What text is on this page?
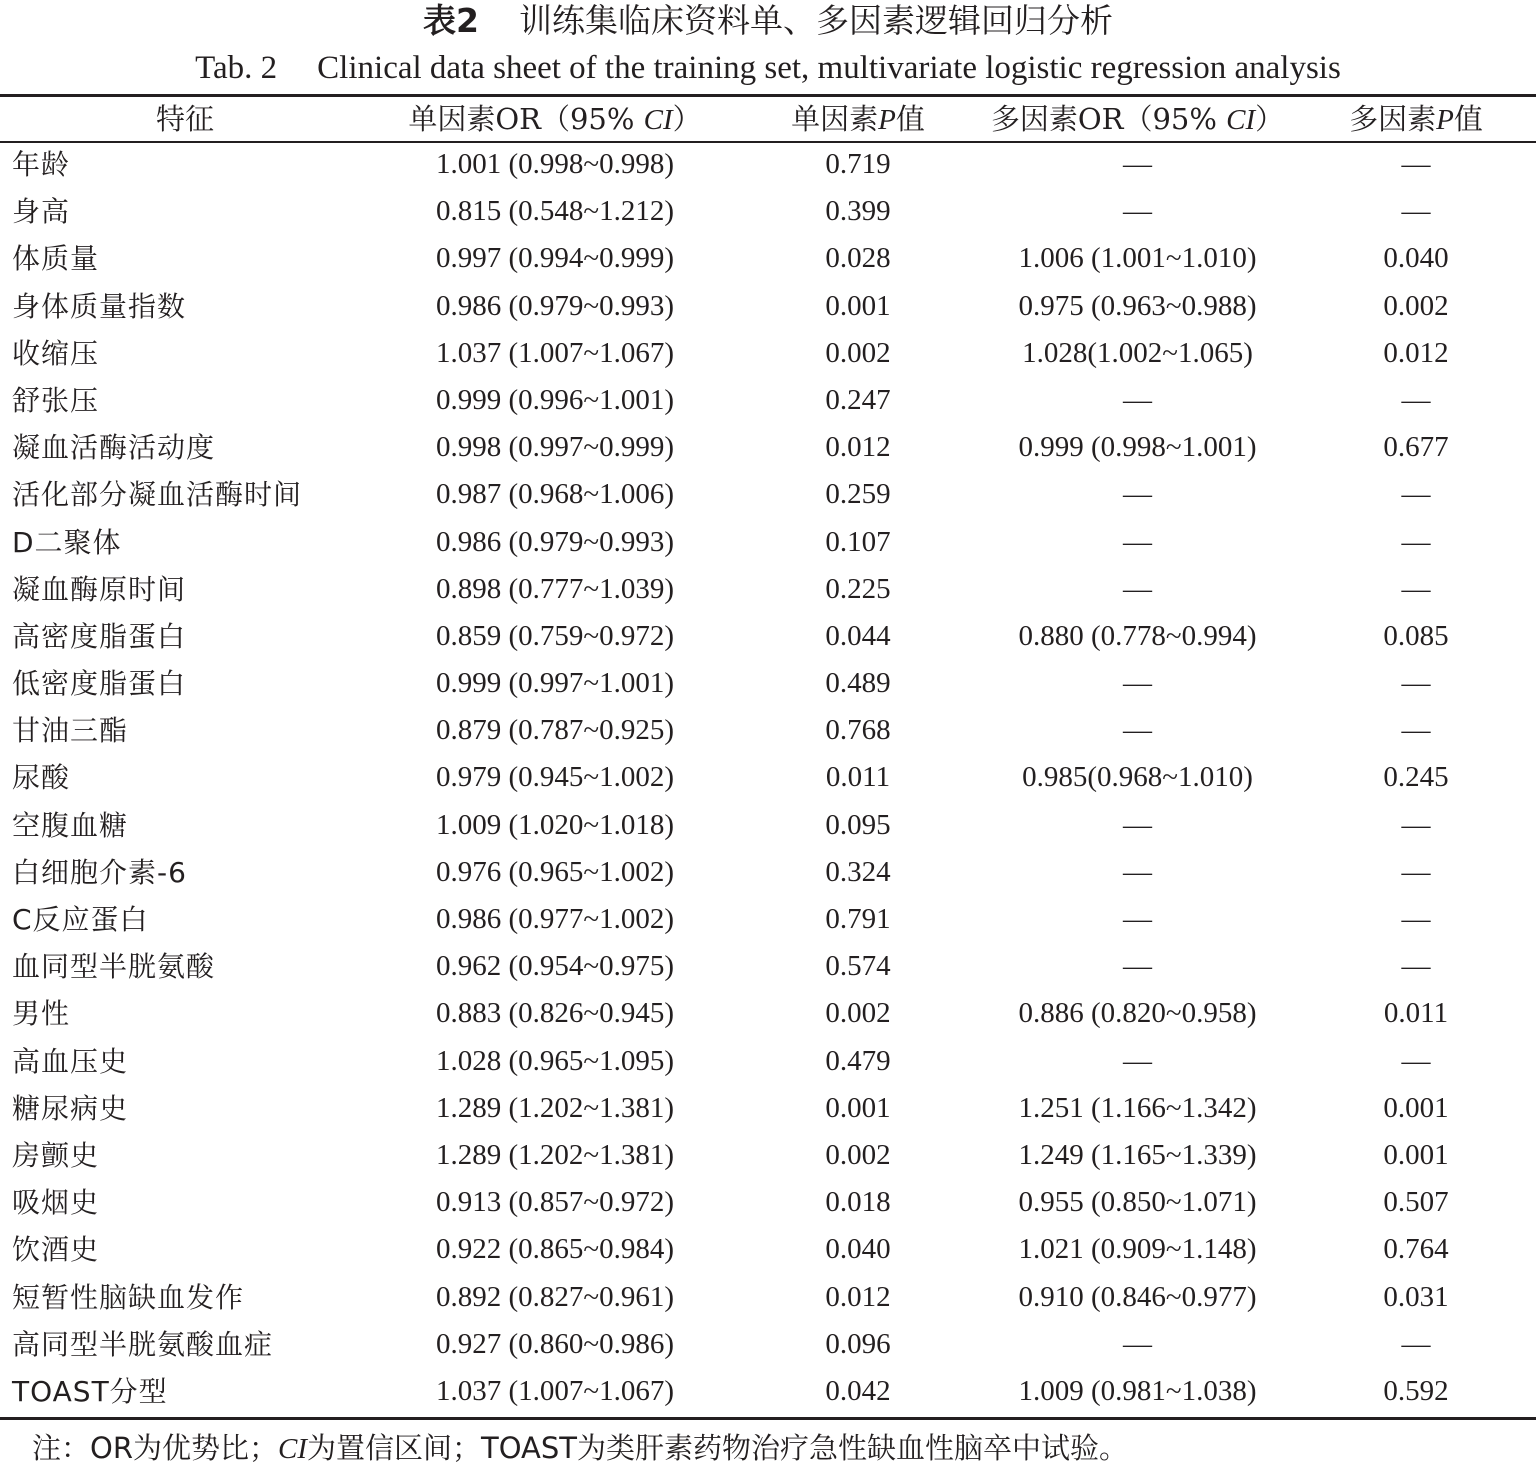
表2 训练集临床资料单、多因素逻辑回归分析
Tab. 2 Clinical data sheet of the training set, multivariate logistic regression analysis
特征	单因素OR（95% CI）	单因素P值	多因素OR（95% CI）	多因素P值
年龄	1.001 (0.998~0.998)	0.719	—	—
身高	0.815 (0.548~1.212)	0.399	—	—
体质量	0.997 (0.994~0.999)	0.028	1.006 (1.001~1.010)	0.040
身体质量指数	0.986 (0.979~0.993)	0.001	0.975 (0.963~0.988)	0.002
收缩压	1.037 (1.007~1.067)	0.002	1.028(1.002~1.065)	0.012
舒张压	0.999 (0.996~1.001)	0.247	—	—
凝血活酶活动度	0.998 (0.997~0.999)	0.012	0.999 (0.998~1.001)	0.677
活化部分凝血活酶时间	0.987 (0.968~1.006)	0.259	—	—
D二聚体	0.986 (0.979~0.993)	0.107	—	—
凝血酶原时间	0.898 (0.777~1.039)	0.225	—	—
高密度脂蛋白	0.859 (0.759~0.972)	0.044	0.880 (0.778~0.994)	0.085
低密度脂蛋白	0.999 (0.997~1.001)	0.489	—	—
甘油三酯	0.879 (0.787~0.925)	0.768	—	—
尿酸	0.979 (0.945~1.002)	0.011	0.985(0.968~1.010)	0.245
空腹血糖	1.009 (1.020~1.018)	0.095	—	—
白细胞介素-6	0.976 (0.965~1.002)	0.324	—	—
C反应蛋白	0.986 (0.977~1.002)	0.791	—	—
血同型半胱氨酸	0.962 (0.954~0.975)	0.574	—	—
男性	0.883 (0.826~0.945)	0.002	0.886 (0.820~0.958)	0.011
高血压史	1.028 (0.965~1.095)	0.479	—	—
糖尿病史	1.289 (1.202~1.381)	0.001	1.251 (1.166~1.342)	0.001
房颤史	1.289 (1.202~1.381)	0.002	1.249 (1.165~1.339)	0.001
吸烟史	0.913 (0.857~0.972)	0.018	0.955 (0.850~1.071)	0.507
饮酒史	0.922 (0.865~0.984)	0.040	1.021 (0.909~1.148)	0.764
短暂性脑缺血发作	0.892 (0.827~0.961)	0.012	0.910 (0.846~0.977)	0.031
高同型半胱氨酸血症	0.927 (0.860~0.986)	0.096	—	—
TOAST分型	1.037 (1.007~1.067)	0.042	1.009 (0.981~1.038)	0.592
注：OR为优势比；CI为置信区间；TOAST为类肝素药物治疗急性缺血性脑卒中试验。
